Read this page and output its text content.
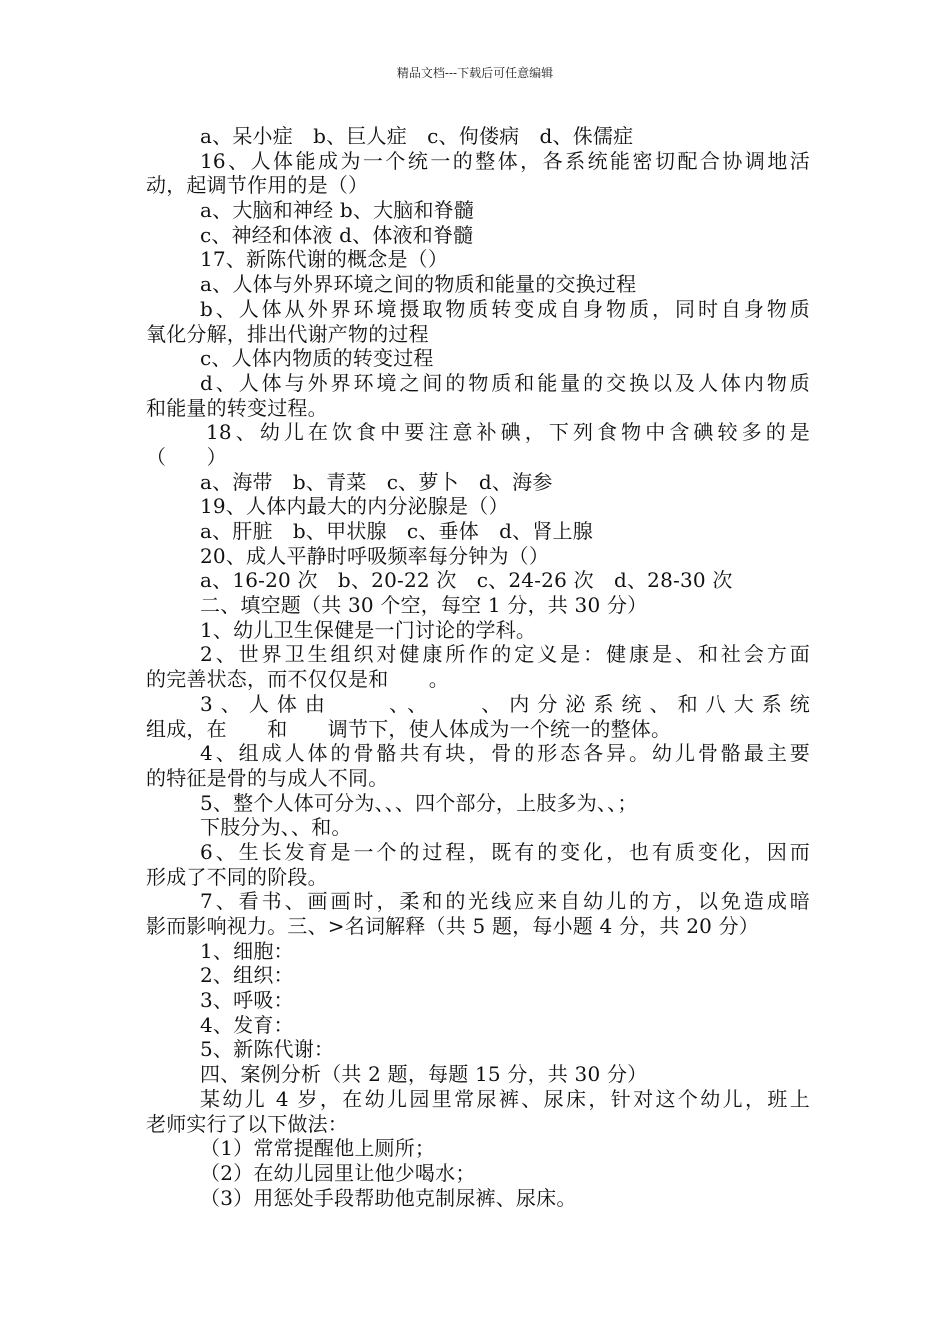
精品文档---下载后可任意编辑
a、呆小症　b、巨人症　c、佝偻病　d、侏儒症
16、人体能成为一个统一的整体，各系统能密切配合协调地活
动，起调节作用的是（）
a、大脑和神经 b、大脑和脊髓
c、神经和体液 d、体液和脊髓
17、新陈代谢的概念是（）
a、人体与外界环境之间的物质和能量的交换过程
b、人体从外界环境摄取物质转变成自身物质，同时自身物质
氧化分解，排出代谢产物的过程
c、人体内物质的转变过程
d、人体与外界环境之间的物质和能量的交换以及人体内物质
和能量的转变过程。
18、幼儿在饮食中要注意补碘，下列食物中含碘较多的是
（　　）
a、海带　b、青菜　c、萝卜　d、海参
19、人体内最大的内分泌腺是（）
a、肝脏　b、甲状腺　c、垂体　d、肾上腺
20、成人平静时呼吸频率每分钟为（）
a、16-20 次　b、20-22 次　c、24-26 次　d、28-30 次
二、填空题（共 30 个空，每空 1 分，共 30 分）
1、幼儿卫生保健是一门讨论的学科。
2、世界卫生组织对健康所作的定义是：健康是、和社会方面
的完善状态，而不仅仅是和　　。
3、人体由　　、、　　、内分泌系统、和八大系统
组成，在　　和　　调节下，使人体成为一个统一的整体。
4、组成人体的骨骼共有块，骨的形态各异。幼儿骨骼最主要
的特征是骨的与成人不同。
5、整个人体可分为、、、四个部分，上肢多为、、；
下肢分为、、和。
6、生长发育是一个的过程，既有的变化，也有质变化，因而
形成了不同的阶段。
7、看书、画画时，柔和的光线应来自幼儿的方，以免造成暗
影而影响视力。三、>名词解释（共 5 题，每小题 4 分，共 20 分）
1、细胞：
2、组织：
3、呼吸：
4、发育：
5、新陈代谢：
四、案例分析（共 2 题，每题 15 分，共 30 分）
某幼儿 4 岁，在幼儿园里常尿裤、尿床，针对这个幼儿，班上
老师实行了以下做法：
（1）常常提醒他上厕所；
（2）在幼儿园里让他少喝水；
（3）用惩处手段帮助他克制尿裤、尿床。
